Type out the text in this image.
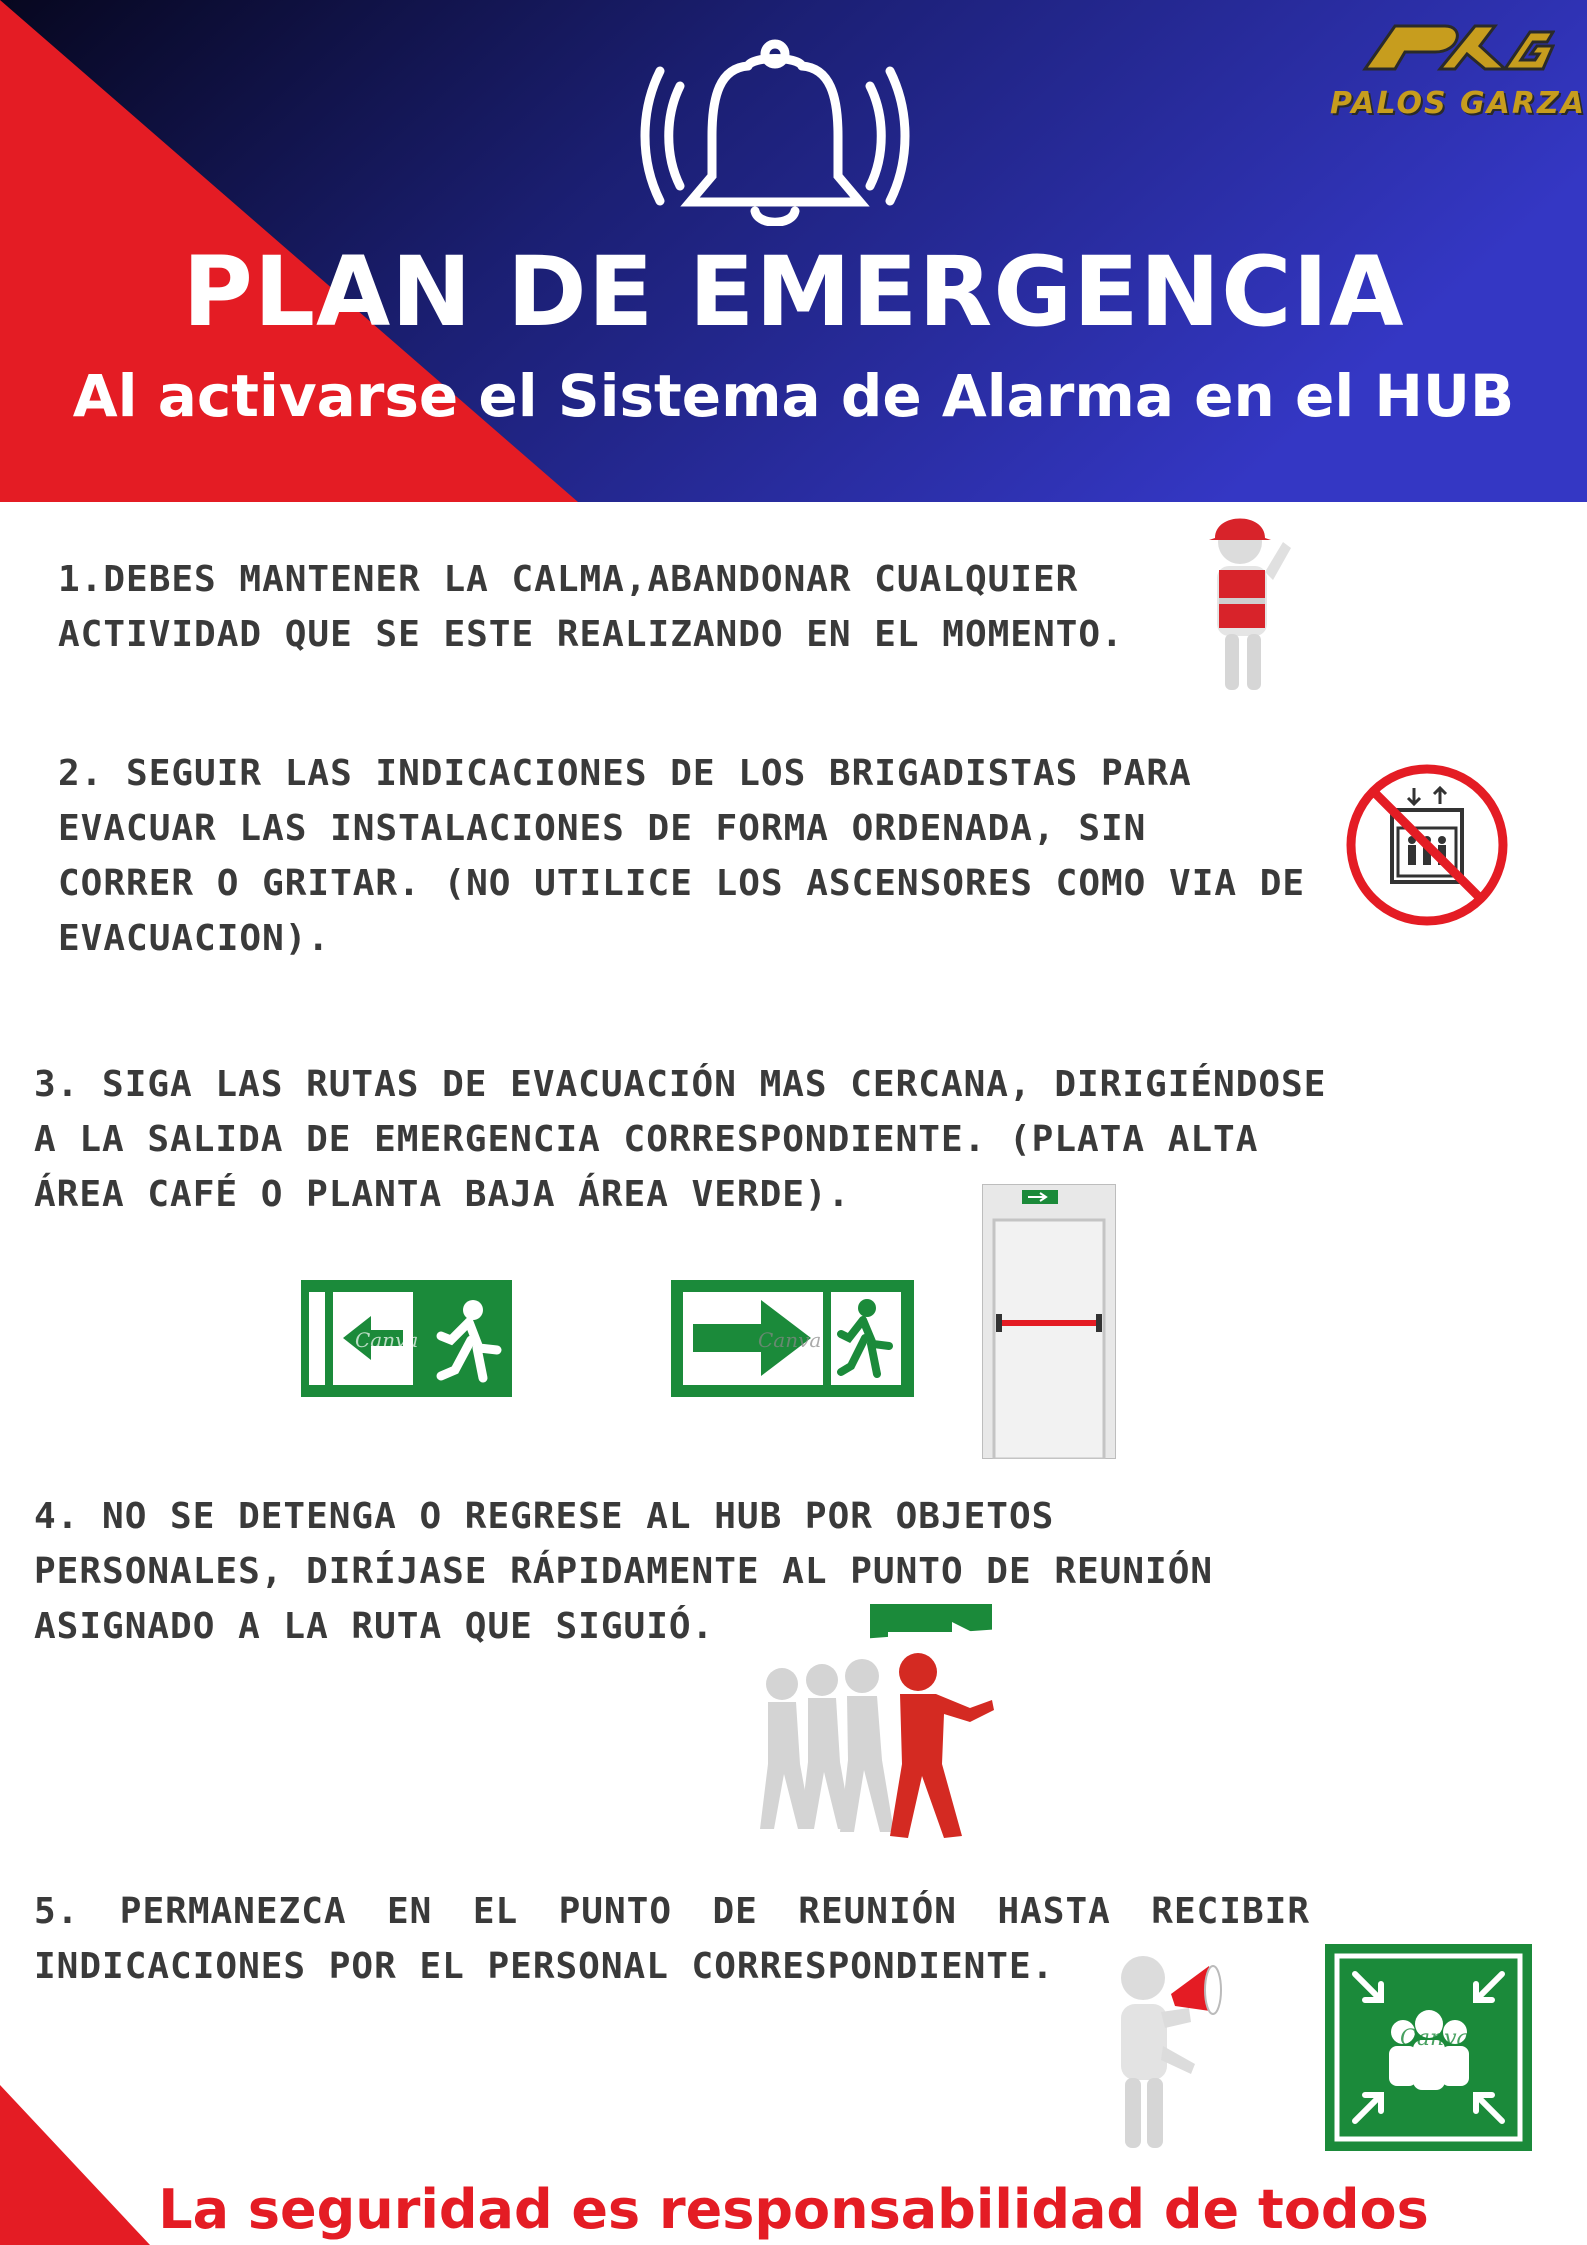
PALOS GARZA
PLAN DE EMERGENCIA
Al activarse el Sistema de Alarma en el HUB
1.DEBES MANTENER LA CALMA,ABANDONAR CUALQUIER
ACTIVIDAD QUE SE ESTE REALIZANDO EN EL MOMENTO.
2. SEGUIR LAS INDICACIONES DE LOS BRIGADISTAS PARA
EVACUAR LAS INSTALACIONES DE FORMA ORDENADA, SIN
CORRER O GRITAR. (NO UTILICE LOS ASCENSORES COMO VIA DE
EVACUACION).
3. SIGA LAS RUTAS DE EVACUACIÓN MAS CERCANA, DIRIGIÉNDOSE
A LA SALIDA DE EMERGENCIA CORRESPONDIENTE. (PLATA ALTA
ÁREA CAFÉ O PLANTA BAJA ÁREA VERDE).
Canva	Canva
4. NO SE DETENGA O REGRESE AL HUB POR OBJETOS
PERSONALES, DIRÍJASE RÁPIDAMENTE AL PUNTO DE REUNIÓN
ASIGNADO A LA RUTA QUE SIGUIÓ.
5. PERMANEZCA EN EL PUNTO DE REUNIÓN HASTA RECIBIR
INDICACIONES POR EL PERSONAL CORRESPONDIENTE.
Canva
La seguridad es responsabilidad de todos
